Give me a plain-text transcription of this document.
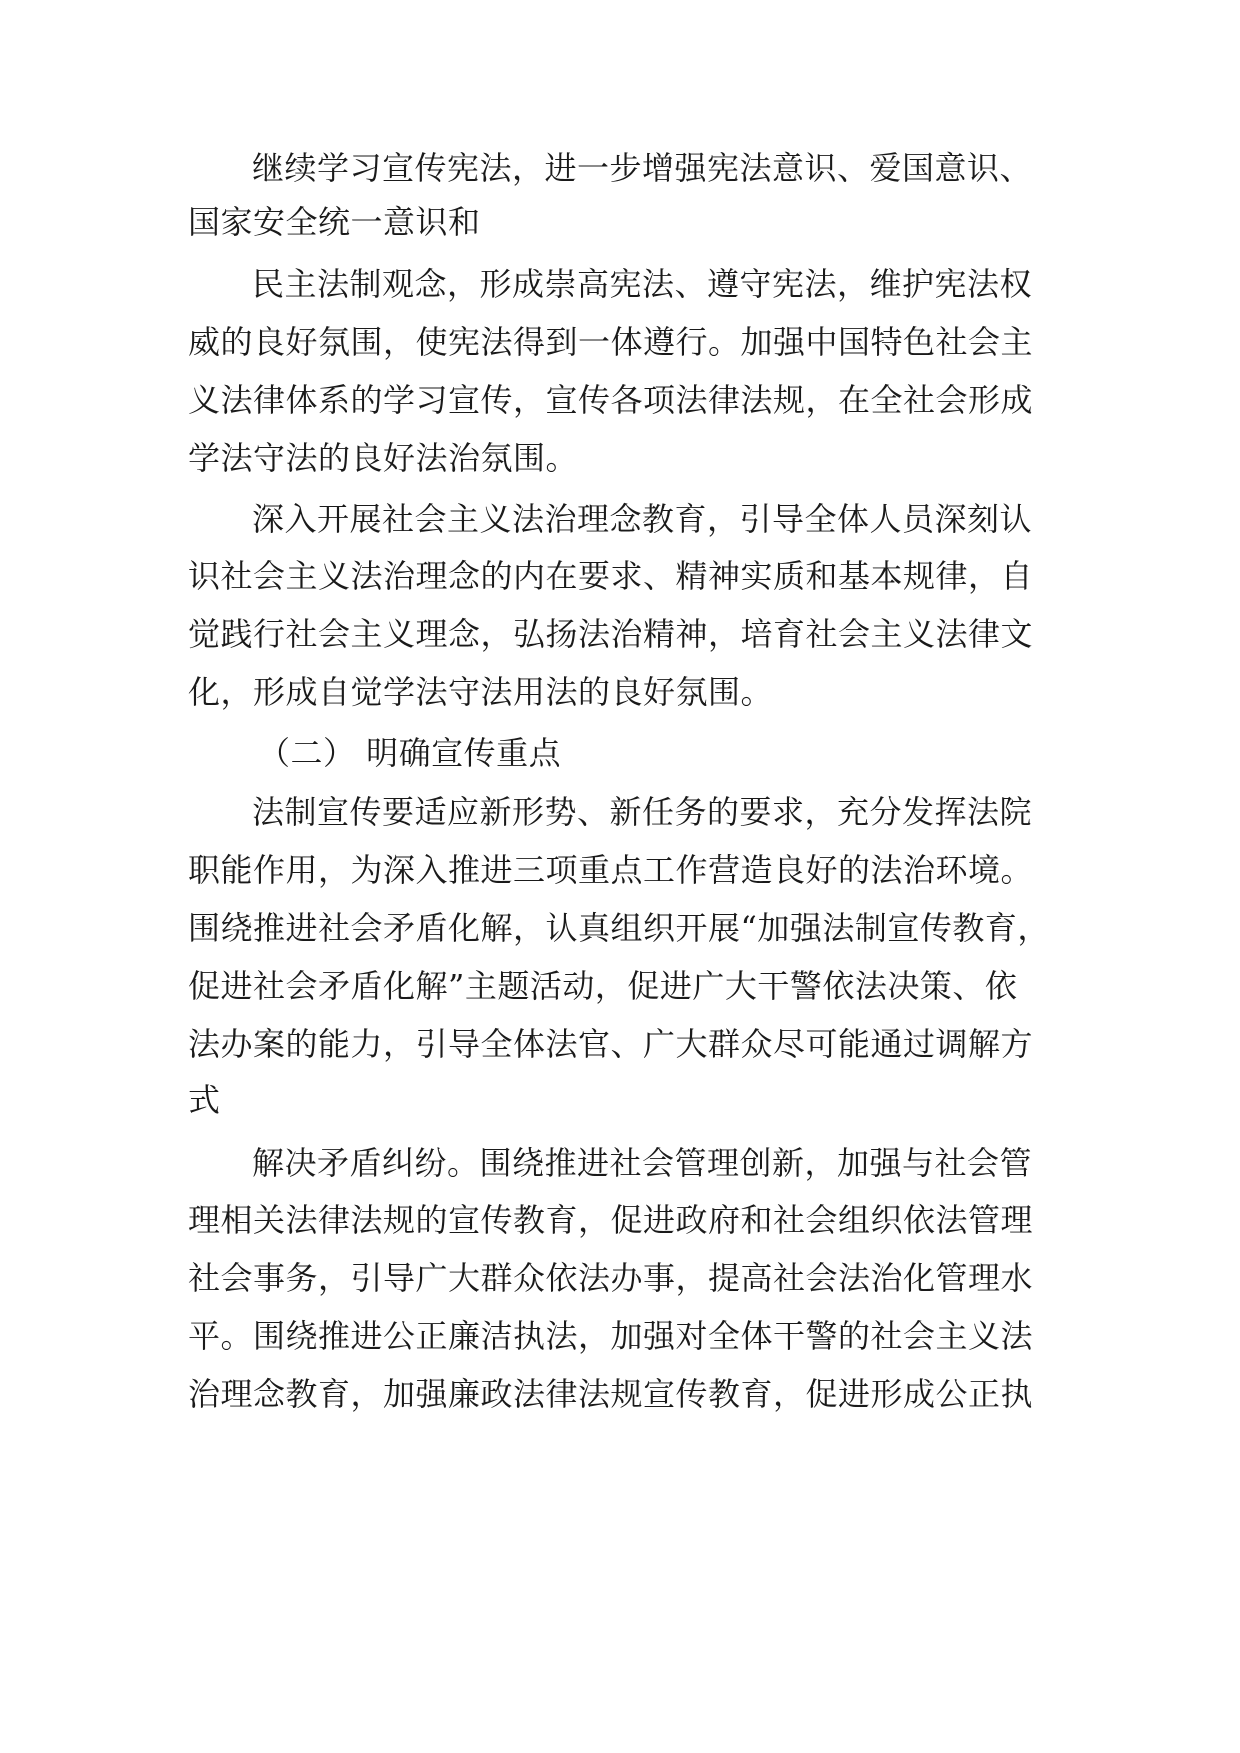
继续学习宣传宪法，进一步增强宪法意识、爱国意识、
国家安全统一意识和
民主法制观念，形成崇高宪法、遵守宪法，维护宪法权
威的良好氛围，使宪法得到一体遵行。加强中国特色社会主
义法律体系的学习宣传，宣传各项法律法规，在全社会形成
学法守法的良好法治氛围。
深入开展社会主义法治理念教育，引导全体人员深刻认
识社会主义法治理念的内在要求、精神实质和基本规律，自
觉践行社会主义理念，弘扬法治精神，培育社会主义法律文
化，形成自觉学法守法用法的良好氛围。
（二） 明确宣传重点
法制宣传要适应新形势、新任务的要求，充分发挥法院
职能作用，为深入推进三项重点工作营造良好的法治环境。
围绕推进社会矛盾化解，认真组织开展“加强法制宣传教育，
促进社会矛盾化解”主题活动，促进广大干警依法决策、依
法办案的能力，引导全体法官、广大群众尽可能通过调解方
式
解决矛盾纠纷。围绕推进社会管理创新，加强与社会管
理相关法律法规的宣传教育，促进政府和社会组织依法管理
社会事务，引导广大群众依法办事，提高社会法治化管理水
平。围绕推进公正廉洁执法，加强对全体干警的社会主义法
治理念教育，加强廉政法律法规宣传教育，促进形成公正执
